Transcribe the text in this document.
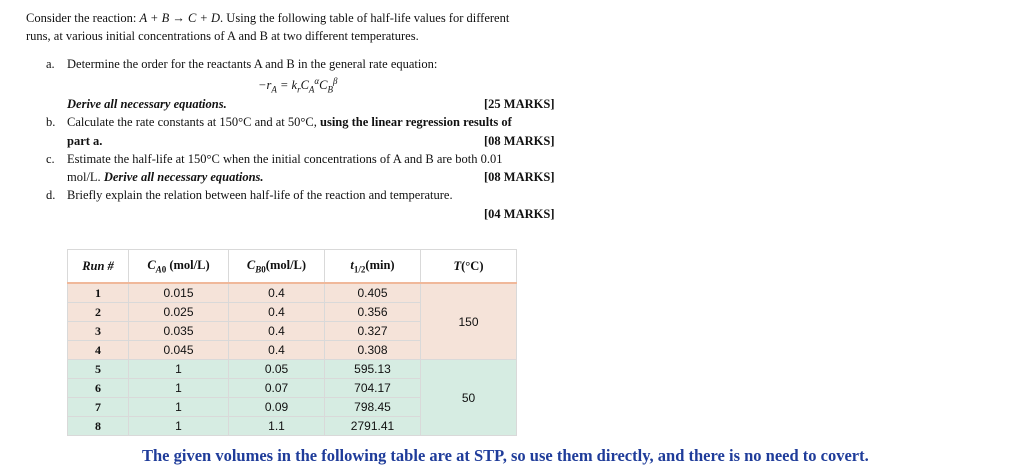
Consider the reaction: A + B → C + D. Using the following table of half-life values for different
runs, at various initial concentrations of A and B at two different temperatures.
a. Determine the order for the reactants A and B in the general rate equation:
$-r_A = k_rC_A^\alpha C_B^\beta$
Derive all necessary equations.	[25 MARKS]
b. Calculate the rate constants at 150°C and at 50°C, using the linear regression results of
part a.	[08 MARKS]
c. Estimate the half-life at 150°C when the initial concentrations of A and B are both 0.01
mol/L. Derive all necessary equations.	[08 MARKS]
d. Briefly explain the relation between half-life of the reaction and temperature.
[04 MARKS]
Run #	$C_{A0}$ (mol/L)	$C_{B0}(mol/L)$	$t_{1/2}(\min)$	T(°C)
1	0.015	0.4	0.405	150
2	0.025	0.4	0.356	
3	0.035	0.4	0.327	
4	0.045	0.4	0.308	
5	1	0.05	595.13	50
6	1	0.07	704.17	
7	1	0.09	798.45	
8	1	1.1	2791.41	
The given volumes in the following table are at STP, so use them directly, and there is no need to covert.
